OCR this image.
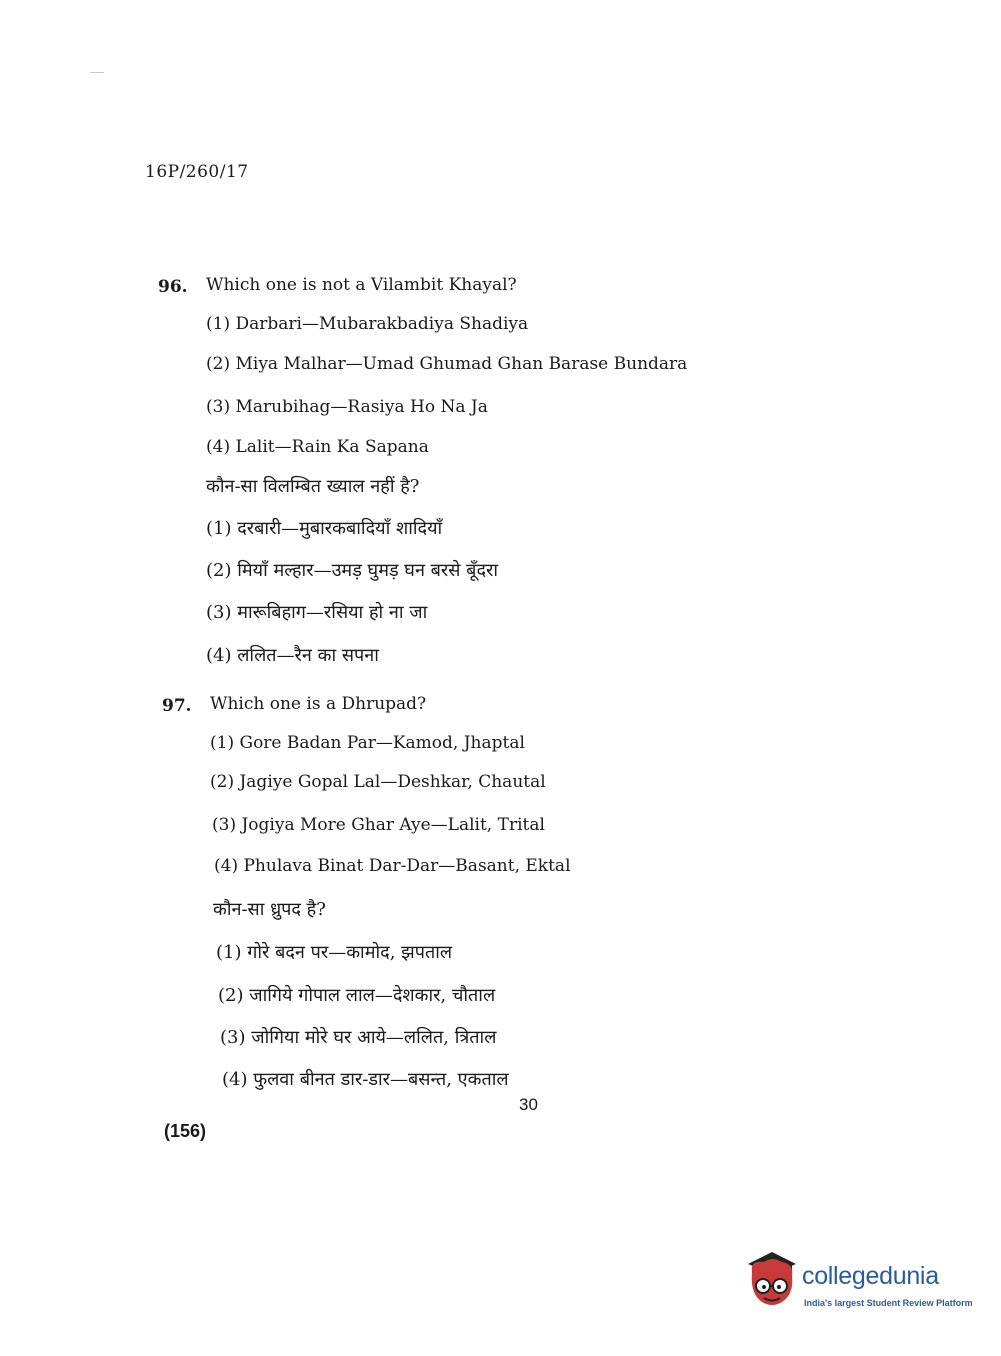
16P/260/17
96. Which one is not a Vilambit Khayal?
(1) Darbari—Mubarakbadiya Shadiya
(2) Miya Malhar—Umad Ghumad Ghan Barase Bundara
(3) Marubihag—Rasiya Ho Na Ja
(4) Lalit—Rain Ka Sapana
कौन-सा विलम्बित ख्याल नहीं है?
(1) दरबारी—मुबारकबादियाँ शादियाँ
(2) मियाँ मल्हार—उमड़ घुमड़ घन बरसे बूँदरा
(3) मारूबिहाग—रसिया हो ना जा
(4) ललित—रैन का सपना
97. Which one is a Dhrupad?
(1) Gore Badan Par—Kamod, Jhaptal
(2) Jagiye Gopal Lal—Deshkar, Chautal
(3) Jogiya More Ghar Aye—Lalit, Trital
(4) Phulava Binat Dar-Dar—Basant, Ektal
कौन-सा ध्रुपद है?
(1) गोरे बदन पर—कामोद, झपताल
(2) जागिये गोपाल लाल—देशकार, चौताल
(3) जोगिया मोरे घर आये—ललित, त्रिताल
(4) फुलवा बीनत डार-डार—बसन्त, एकताल
30
(156)
collegedunia
India's largest Student Review Platform
